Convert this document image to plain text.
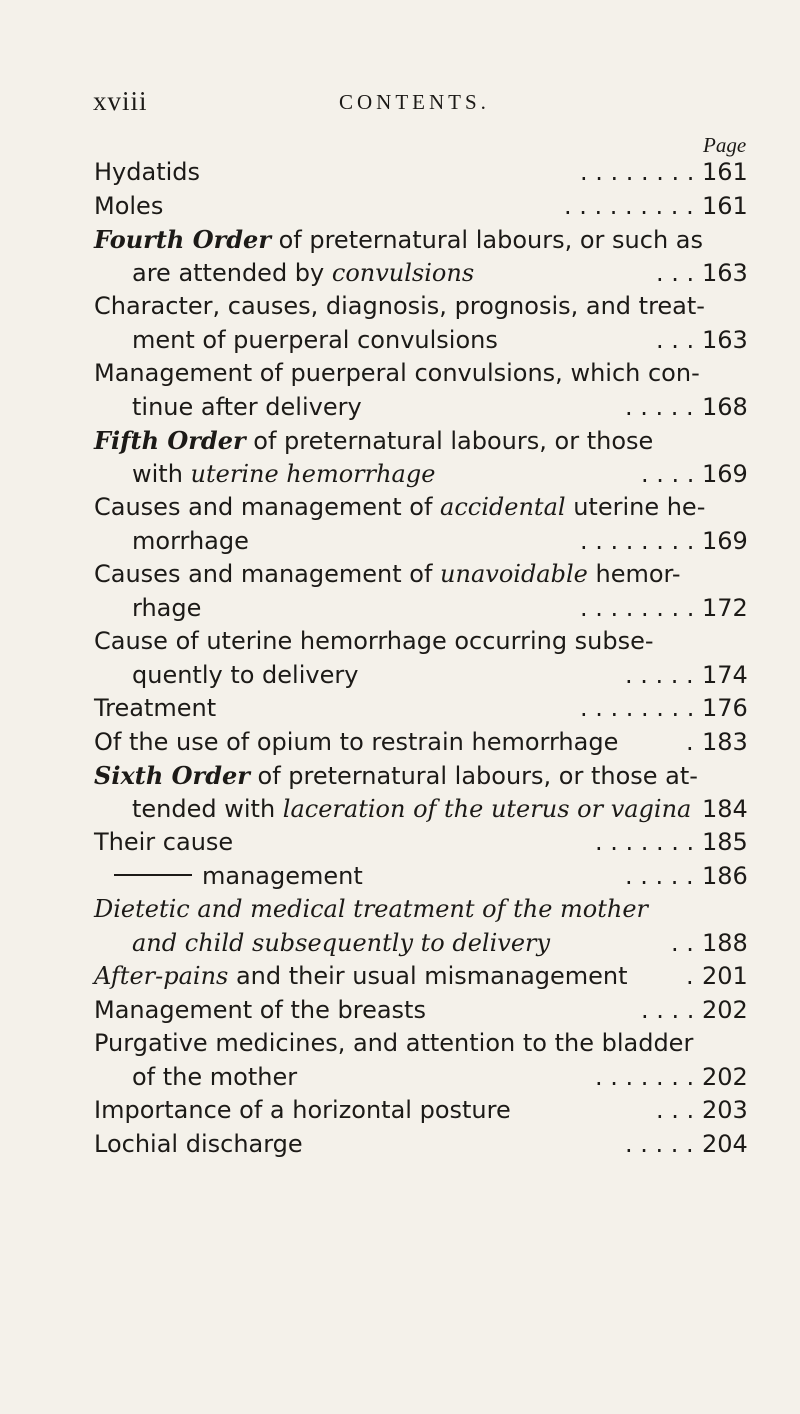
xviii	CONTENTS.
Page
Hydatids	. . . . . . . . 161
Moles	. . . . . . . . . 161
Fourth Order of preternatural labours, or such as
are attended by convulsions	. . . 163
Character, causes, diagnosis, prognosis, and treat-
ment of puerperal convulsions	. . . 163
Management of puerperal convulsions, which con-
tinue after delivery	. . . . . 168
Fifth Order of preternatural labours, or those
with uterine hemorrhage	. . . . 169
Causes and management of accidental uterine he-
morrhage	. . . . . . . . 169
Causes and management of unavoidable hemor-
rhage	. . . . . . . . 172
Cause of uterine hemorrhage occurring subse-
quently to delivery	. . . . . 174
Treatment	. . . . . . . . 176
Of the use of opium to restrain hemorrhage	. 183
Sixth Order of preternatural labours, or those at-
tended with laceration of the uterus or vagina 184
Their cause	. . . . . . . 185
management	. . . . . 186
Dietetic and medical treatment of the mother
and child subsequently to delivery	. . 188
After-pains and their usual mismanagement . 201
Management of the breasts	. . . . 202
Purgative medicines, and attention to the bladder
of the mother	. . . . . . . 202
Importance of a horizontal posture	. . . 203
Lochial discharge	. . . . . 204
